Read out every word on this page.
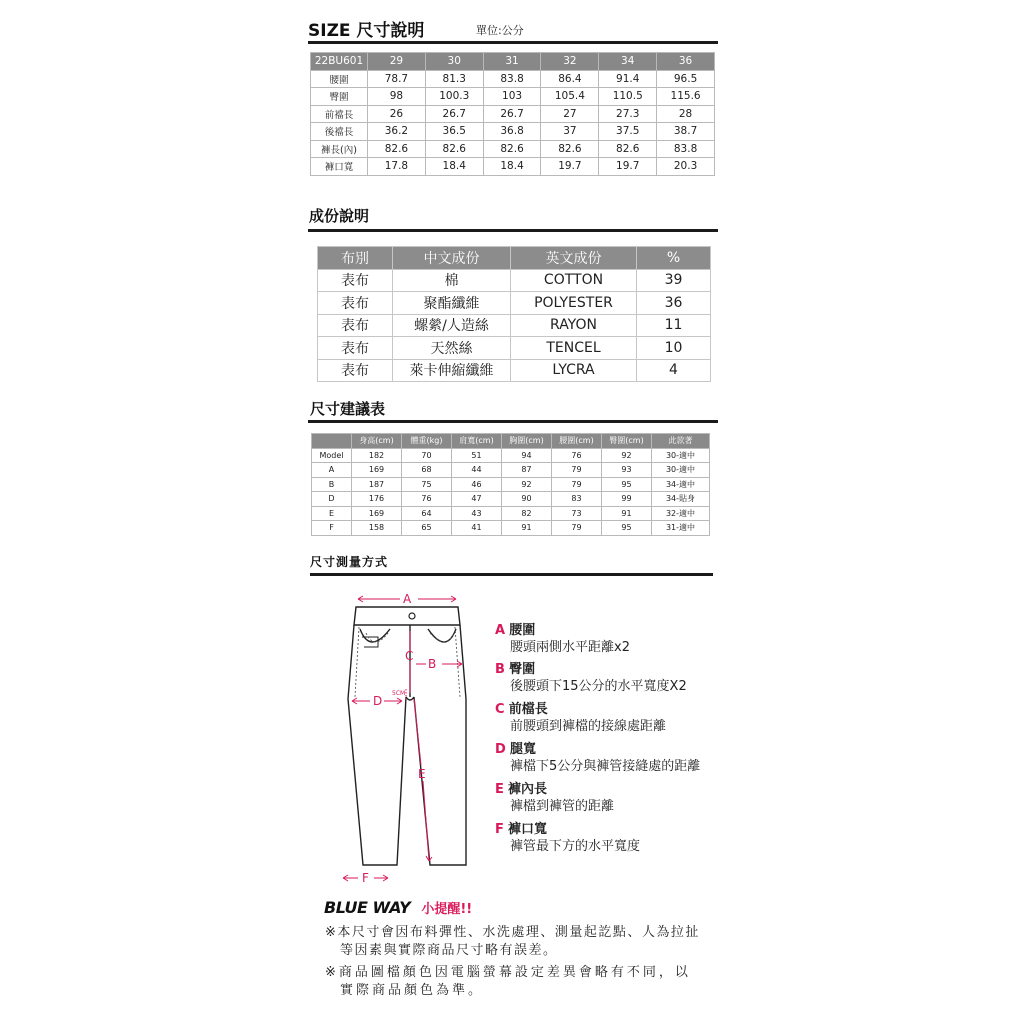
SIZE 尺寸說明	單位:公分
22BU601	29	30	31	32	34	36
腰圍	78.7	81.3	83.8	86.4	91.4	96.5
臀圍	98	100.3	103	105.4	110.5	115.6
前襠長	26	26.7	26.7	27	27.3	28
後襠長	36.2	36.5	36.8	37	37.5	38.7
褲長(內)	82.6	82.6	82.6	82.6	82.6	83.8
褲口寬	17.8	18.4	18.4	19.7	19.7	20.3
成份說明
布別	中文成份	英文成份	%
表布	棉	COTTON	39
表布	聚酯纖維	POLYESTER	36
表布	螺縈/人造絲	RAYON	11
表布	天然絲	TENCEL	10
表布	萊卡伸縮纖維	LYCRA	4
尺寸建議表
	身高(cm)	體重(kg)	肩寬(cm)	胸圍(cm)	腰圍(cm)	臀圍(cm)	此款著
Model	182	70	51	94	76	92	30-適中
A	169	68	44	87	79	93	30-適中
B	187	75	46	92	79	95	34-適中
D	176	76	47	90	83	99	34-貼身
E	169	64	43	82	73	91	32-適中
F	158	65	41	91	79	95	31-適中
尺寸測量方式
A
B
C
D
E
F
5CM
A 腰圍
腰頭兩側水平距離x2
B 臀圍
後腰頭下15公分的水平寬度X2
C 前檔長
前腰頭到褲檔的接線處距離
D 腿寬
褲檔下5公分與褲管接縫處的距離
E 褲內長
褲檔到褲管的距離
F 褲口寬
褲管最下方的水平寬度
BLUE WAY 小提醒!!
※本尺寸會因布料彈性、水洗處理、測量起訖點、人為拉扯
等因素與實際商品尺寸略有誤差。
※商品圖檔顏色因電腦螢幕設定差異會略有不同，以
實際商品顏色為準。
